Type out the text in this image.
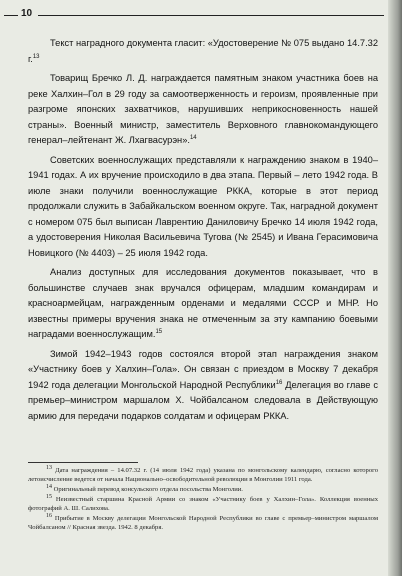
10

Текст наградного документа гласит: «Удостоверение № 075 выдано 14.7.32 г.$^{13}$

Товарищ Бречко Л. Д. награждается памятным знаком участника боев на реке Халхин–Гол в 29 году за самоотверженность и героизм, проявленные при разгроме японских захватчиков, нарушивших неприкосновенность нашей страны». Военный министр, заместитель Верховного главнокомандующего генерал–лейтенант Ж. Лхагвасурэн».$^{14}$

Советских военнослужащих представляли к награждению знаком в 1940–1941 годах. А их вручение происходило в два этапа. Первый – лето 1942 года. В июле знаки получили военнослужащие РККА, которые в этот период продолжали служить в Забайкальском военном округе. Так, наградной документ с номером 075 был выписан Лаврентию Даниловичу Бречко 14 июля 1942 года, а удостоверения Николая Васильевича Тугова (№ 2545) и Ивана Герасимовича Новицкого (№ 4403) – 25 июля 1942 года.

Анализ доступных для исследования документов показывает, что в большинстве случаев знак вручался офицерам, младшим командирам и красноармейцам, награжденным орденами и медалями СССР и МНР. Но известны примеры вручения знака не отмеченным за эту кампанию боевыми наградами военнослужащим.$^{15}$

Зимой 1942–1943 годов состоялся второй этап награждения знаком «Участнику боев у Халхин–Гола». Он связан с приездом в Москву 7 декабря 1942 года делегации Монгольской Народной Республики$^{16}$ Делегация во главе с премьер–министром маршалом Х. Чойбалсаном следовала в Действующую армию для передачи подарков солдатам и офицерам РККА.

$^{13}$ Дата награждения – 14.07.32 г. (14 июля 1942 года) указана по монгольскому календарю, согласно которого летоисчисление ведется от начала Национально–освободительной революции в Монголии 1911 года.

$^{14}$ Оригинальный перевод консульского отдела посольства Монголии.

$^{15}$ Неизвестный старшина Красной Армии со знаком «Участнику боев у Халхин–Гола». Коллекция военных фотографий А. Ш. Салихова.

$^{16}$ Прибытие в Москву делегации Монгольской Народной Республики во главе с премьер–министром маршалом Чойбалсаном // Красная звезда. 1942. 8 декабря.
